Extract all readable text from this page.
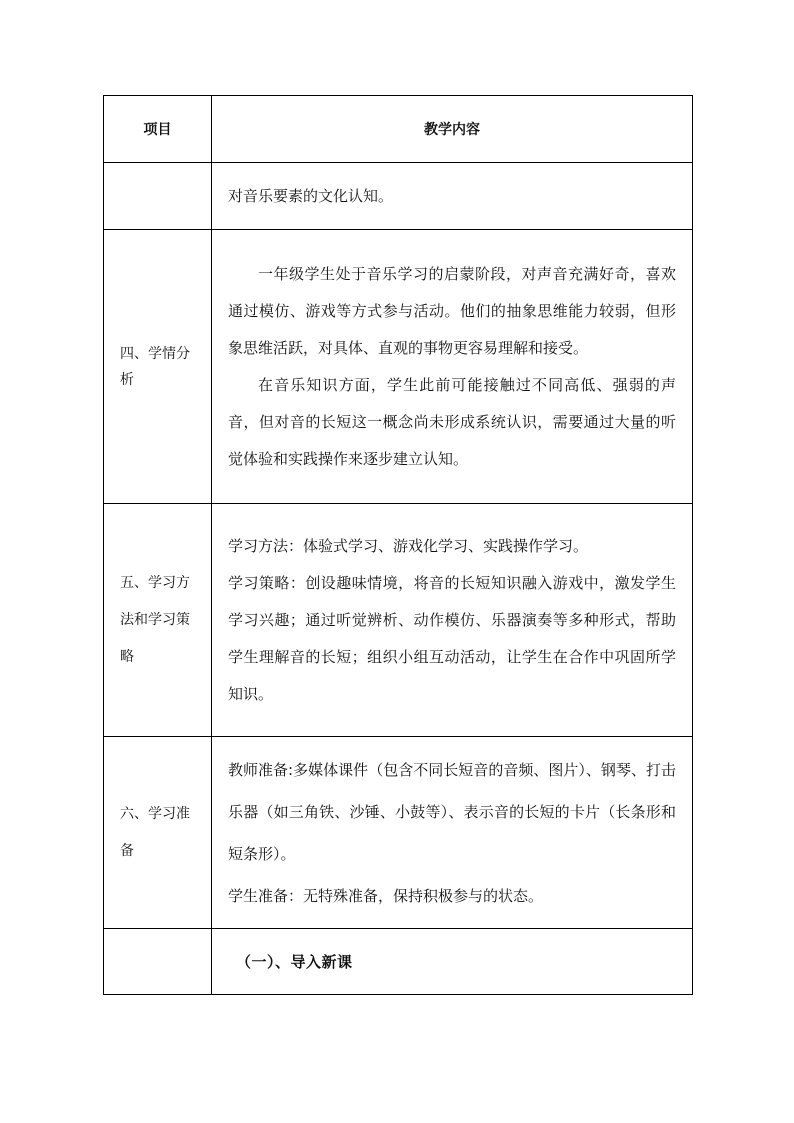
项目	教学内容

	对音乐要素的文化认知。

四、学情分析	一年级学生处于音乐学习的启蒙阶段，对声音充满好奇，喜欢通过模仿、游戏等方式参与活动。他们的抽象思维能力较弱，但形象思维活跃，对具体、直观的事物更容易理解和接受。

在音乐知识方面，学生此前可能接触过不同高低、强弱的声音，但对音的长短这一概念尚未形成系统认识，需要通过大量的听觉体验和实践操作来逐步建立认知。

五、学习方法和学习策略	学习方法：体验式学习、游戏化学习、实践操作学习。

学习策略：创设趣味情境，将音的长短知识融入游戏中，激发学生学习兴趣；通过听觉辨析、动作模仿、乐器演奏等多种形式，帮助学生理解音的长短；组织小组互动活动，让学生在合作中巩固所学知识。

六、学习准备	教师准备:多媒体课件（包含不同长短音的音频、图片）、钢琴、打击乐器（如三角铁、沙锤、小鼓等）、表示音的长短的卡片（长条形和短条形）。

学生准备：无特殊准备，保持积极参与的状态。

	（一）、导入新课
